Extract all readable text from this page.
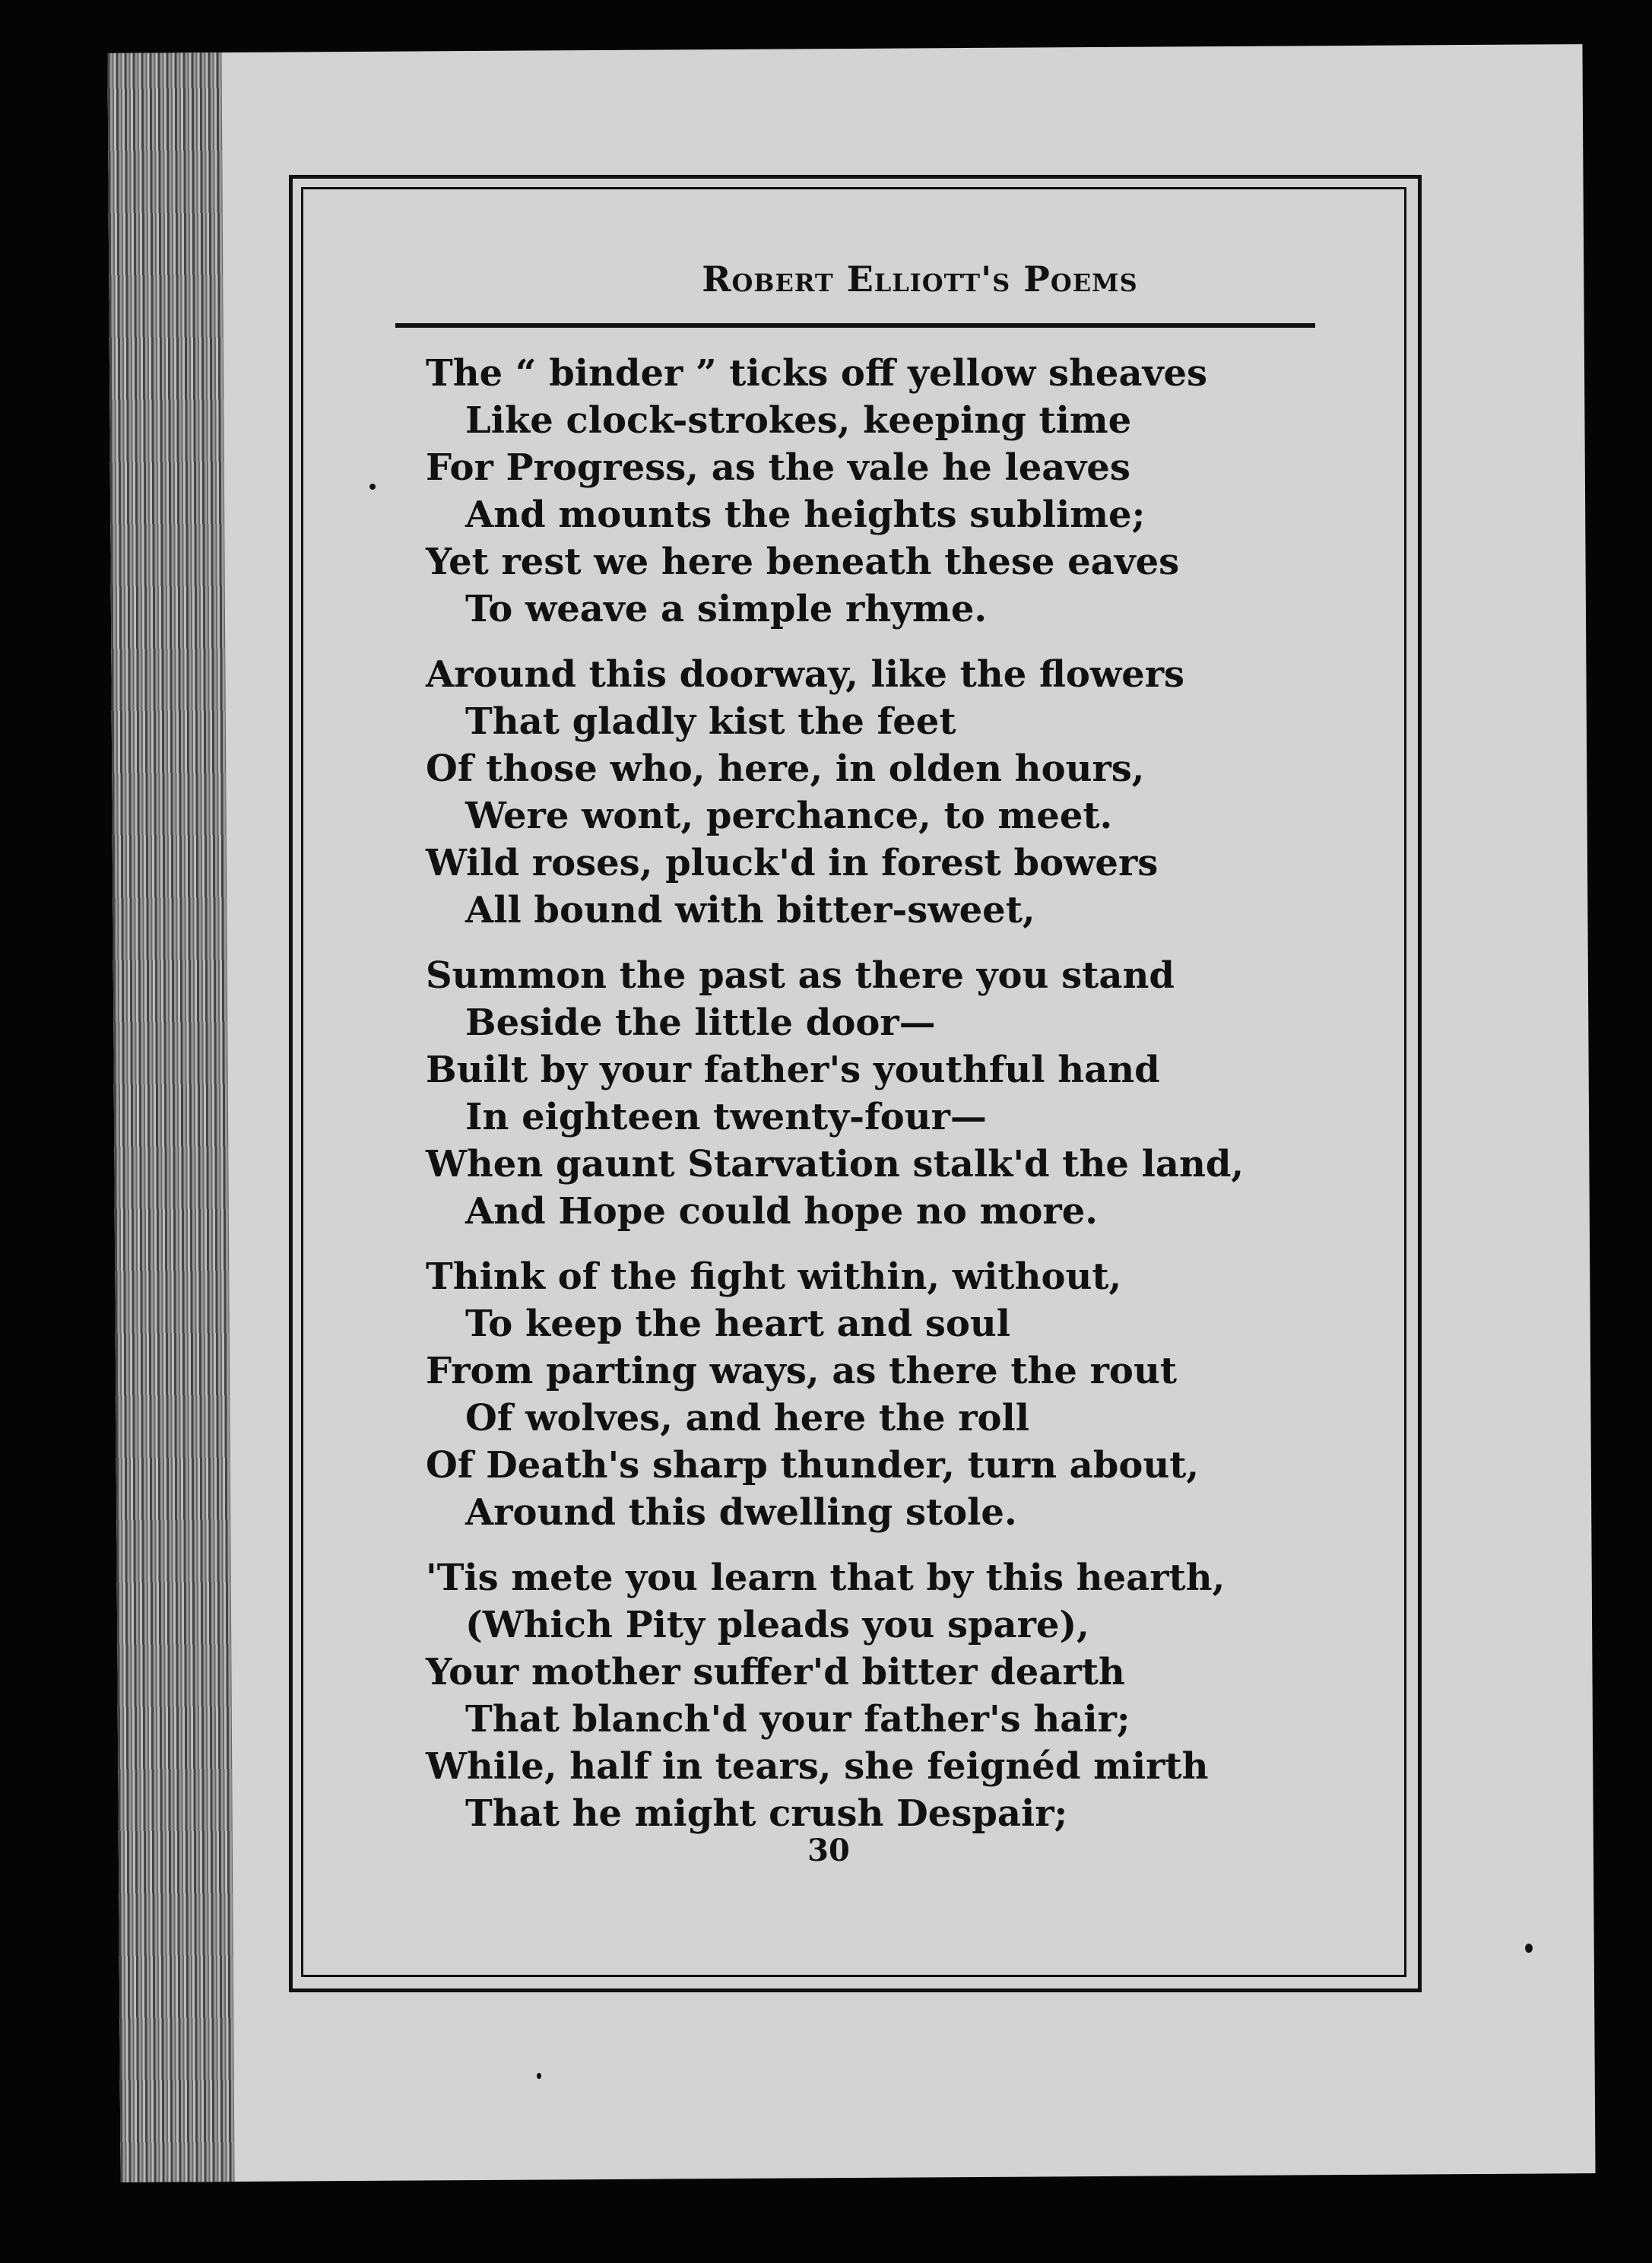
Robert Elliott's Poems
The “ binder ” ticks off yellow sheaves
Like clock-strokes, keeping time
For Progress, as the vale he leaves
And mounts the heights sublime;
Yet rest we here beneath these eaves
To weave a simple rhyme.
Around this doorway, like the flowers
That gladly kist the feet
Of those who, here, in olden hours,
Were wont, perchance, to meet.
Wild roses, pluck'd in forest bowers
All bound with bitter-sweet,
Summon the past as there you stand
Beside the little door—
Built by your father's youthful hand
In eighteen twenty-four—
When gaunt Starvation stalk'd the land,
And Hope could hope no more.
Think of the fight within, without,
To keep the heart and soul
From parting ways, as there the rout
Of wolves, and here the roll
Of Death's sharp thunder, turn about,
Around this dwelling stole.
'Tis mete you learn that by this hearth,
(Which Pity pleads you spare),
Your mother suffer'd bitter dearth
That blanch'd your father's hair;
While, half in tears, she feignéd mirth
That he might crush Despair;
30
